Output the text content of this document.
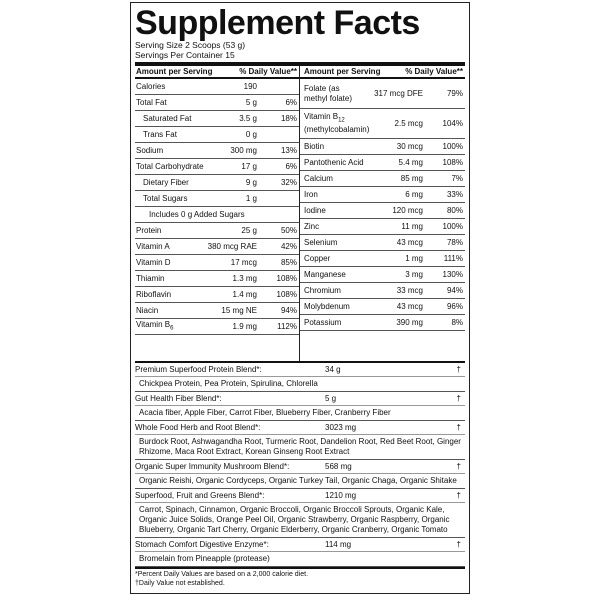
Supplement Facts
Serving Size 2 Scoops (53 g)
Servings Per Container 15
Amount per Serving	% Daily Value**
Calories	190
Total Fat	5 g	6%
Saturated Fat	3.5 g	18%
Trans Fat	0 g
Sodium	300 mg	13%
Total Carbohydrate	17 g	6%
Dietary Fiber	9 g	32%
Total Sugars	1 g
Includes 0 g Added Sugars
Protein	25 g	50%
Vitamin A	380 mcg RAE	42%
Vitamin D	17 mcg	85%
Thiamin	1.3 mg	108%
Riboflavin	1.4 mg	108%
Niacin	15 mg NE	94%
Vitamin $B_6$	1.9 mg	112%
Amount per Serving	% Daily Value**
Folate (as
methyl folate)
317 mcg DFE	79%
Vitamin $B_{12}$
(methylcobalamin)
2.5 mcg	104%
Biotin	30 mcg	100%
Pantothenic Acid	5.4 mg	108%
Calcium	85 mg	7%
Iron	6 mg	33%
Iodine	120 mcg	80%
Zinc	11 mg	100%
Selenium	43 mcg	78%
Copper	1 mg	111%
Manganese	3 mg	130%
Chromium	33 mcg	94%
Molybdenum	43 mcg	96%
Potassium	390 mg	8%
Premium Superfood Protein Blend*:	34 g	†
Chickpea Protein, Pea Protein, Spirulina, Chlorella
Gut Health Fiber Blend*:	5 g	†
Acacia fiber, Apple Fiber, Carrot Fiber, Blueberry Fiber, Cranberry Fiber
Whole Food Herb and Root Blend*:	3023 mg	†
Burdock Root, Ashwagandha Root, Turmeric Root, Dandelion Root, Red Beet Root, Ginger Rhizome, Maca Root Extract, Korean Ginseng Root Extract
Organic Super Immunity Mushroom Blend*:	568 mg	†
Organic Reishi, Organic Cordyceps, Organic Turkey Tail, Organic Chaga, Organic Shitake
Superfood, Fruit and Greens Blend*:	1210 mg	†
Carrot, Spinach, Cinnamon, Organic Broccoli, Organic Broccoli Sprouts, Organic Kale, Organic Juice Solids, Orange Peel Oil, Organic Strawberry, Organic Raspberry, Organic Blueberry, Organic Tart Cherry, Organic Elderberry, Organic Cranberry, Organic Tomato
Stomach Comfort Digestive Enzyme*:	114 mg	†
Bromelain from Pineapple (protease)
*Percent Daily Values are based on a 2,000 calorie diet.
†Daily Value not established.
